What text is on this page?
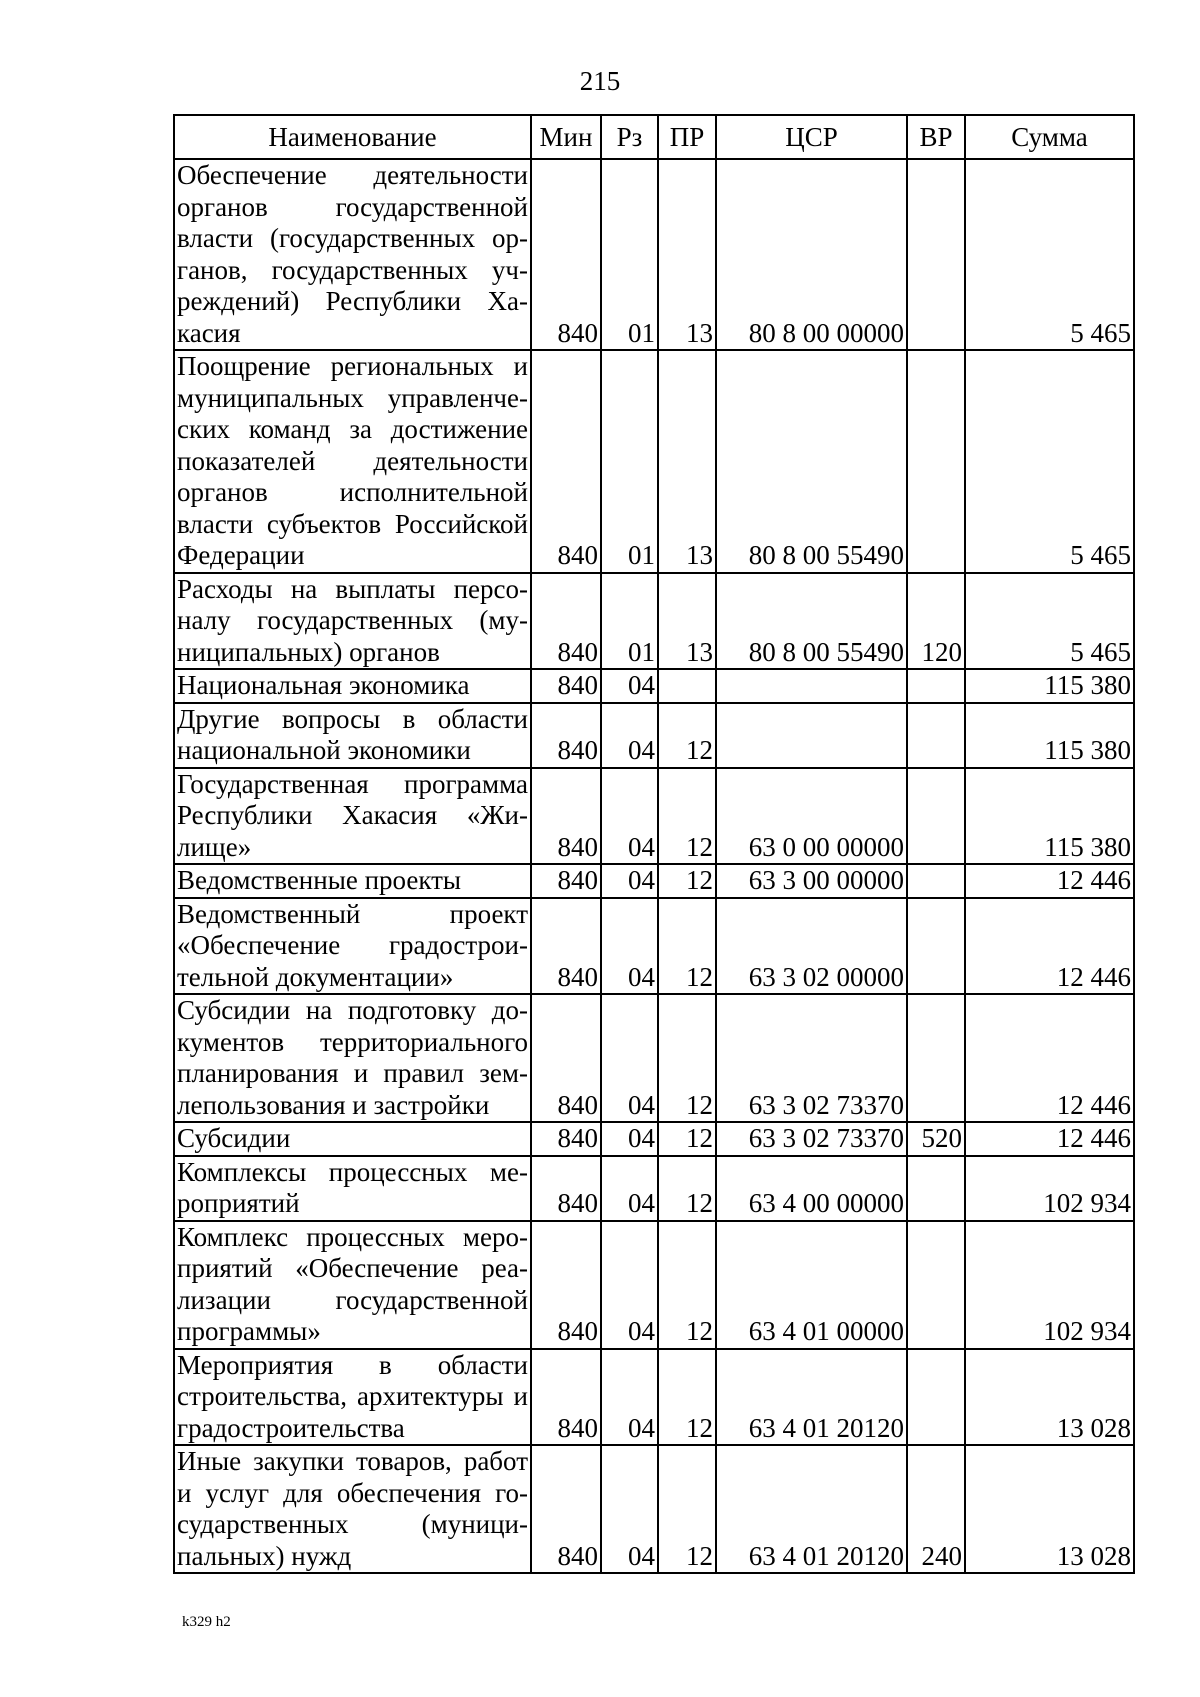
215
Наименование	Мин	Рз	ПР	ЦСР	ВР	Сумма
Обеспечение деятельности органов государственной власти (государственных органов, государственных учреждений) Республики Хакасия	840	01	13	80 8 00 00000		5 465
Поощрение региональных и муниципальных управленческих команд за достижение показателей деятельности органов исполнительной власти субъектов Российской Федерации	840	01	13	80 8 00 55490		5 465
Расходы на выплаты персоналу государственных (муниципальных) органов	840	01	13	80 8 00 55490	120	5 465
Национальная экономика	840	04				115 380
Другие вопросы в области национальной экономики	840	04	12			115 380
Государственная программа Республики Хакасия «Жилище»	840	04	12	63 0 00 00000		115 380
Ведомственные проекты	840	04	12	63 3 00 00000		12 446
Ведомственный проект «Обеспечение градостроительной документации»	840	04	12	63 3 02 00000		12 446
Субсидии на подготовку документов территориального планирования и правил землепользования и застройки	840	04	12	63 3 02 73370		12 446
Субсидии	840	04	12	63 3 02 73370	520	12 446
Комплексы процессных мероприятий	840	04	12	63 4 00 00000		102 934
Комплекс процессных мероприятий «Обеспечение реализации государственной программы»	840	04	12	63 4 01 00000		102 934
Мероприятия в области строительства, архитектуры и градостроительства	840	04	12	63 4 01 20120		13 028
Иные закупки товаров, работ и услуг для обеспечения государственных (муниципальных) нужд	840	04	12	63 4 01 20120	240	13 028
k329 h2
